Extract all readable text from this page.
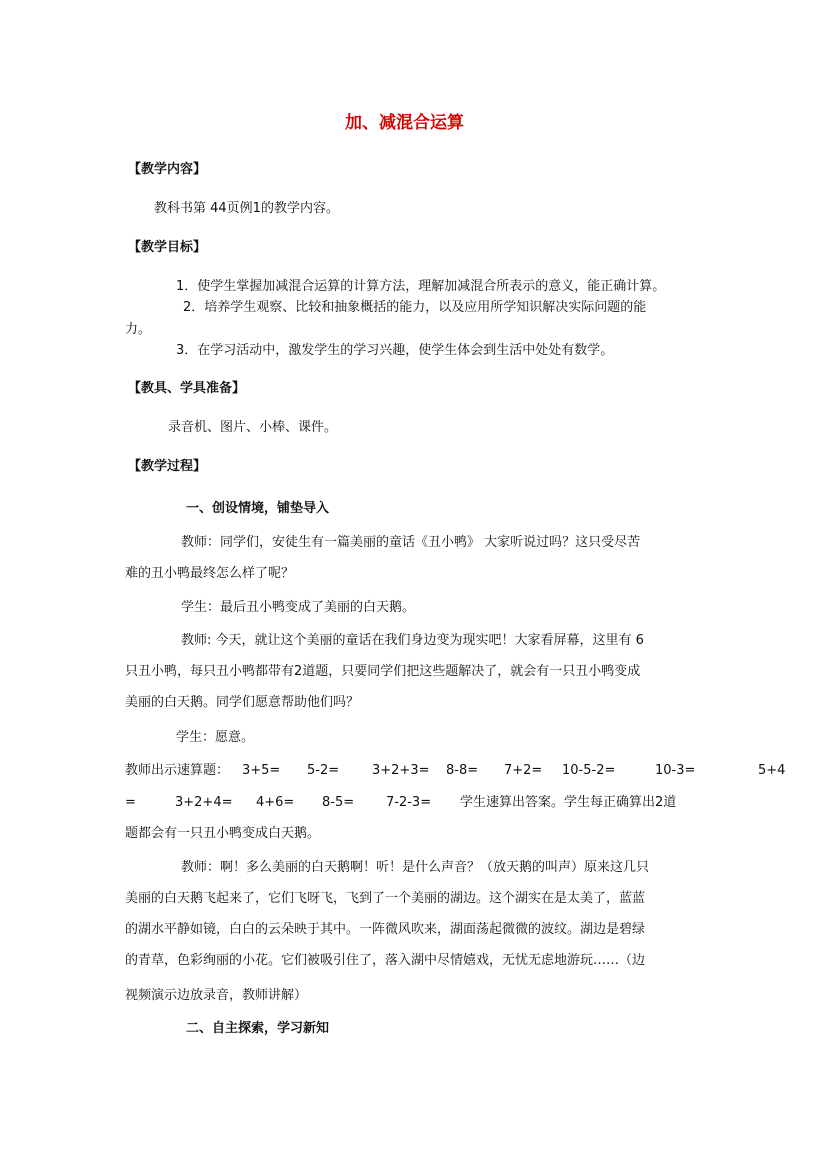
加、减混合运算
【教学内容】
教科书第 44页例1的教学内容。
【教学目标】
1．使学生掌握加减混合运算的计算方法，理解加减混合所表示的意义，能正确计算。
2．培养学生观察、比较和抽象概括的能力，以及应用所学知识解决实际问题的能
力。
3．在学习活动中，激发学生的学习兴趣，使学生体会到生活中处处有数学。
【教具、学具准备】
录音机、图片、小棒、课件。
【教学过程】
一、创设情境，铺垫导入
教师：同学们，安徒生有一篇美丽的童话《丑小鸭》 大家听说过吗？这只受尽苦
难的丑小鸭最终怎么样了呢？
学生：最后丑小鸭变成了美丽的白天鹅。
教师: 今天，就让这个美丽的童话在我们身边变为现实吧！大家看屏幕，这里有 6
只丑小鸭，每只丑小鸭都带有2道题，只要同学们把这些题解决了，就会有一只丑小鸭变成
美丽的白天鹅。同学们愿意帮助他们吗？
学生：愿意。
教师出示速算题： 3+5= 5-2=	3+2+3= 8-8= 7+2= 10-5-2=	10-3=	5+4
=	3+2+4= 4+6= 8-5= 7-2-3= 学生速算出答案。学生每正确算出2道
题都会有一只丑小鸭变成白天鹅。
教师：啊！多么美丽的白天鹅啊！听！是什么声音？（放天鹅的叫声）原来这几只
美丽的白天鹅飞起来了，它们飞呀飞，飞到了一个美丽的湖边。这个湖实在是太美了，蓝蓝
的湖水平静如镜，白白的云朵映于其中。一阵微风吹来，湖面荡起微微的波纹。湖边是碧绿
的青草，色彩绚丽的小花。它们被吸引住了，落入湖中尽情嬉戏，无忧无虑地游玩……（边
视频演示边放录音，教师讲解）
二、自主探索，学习新知
